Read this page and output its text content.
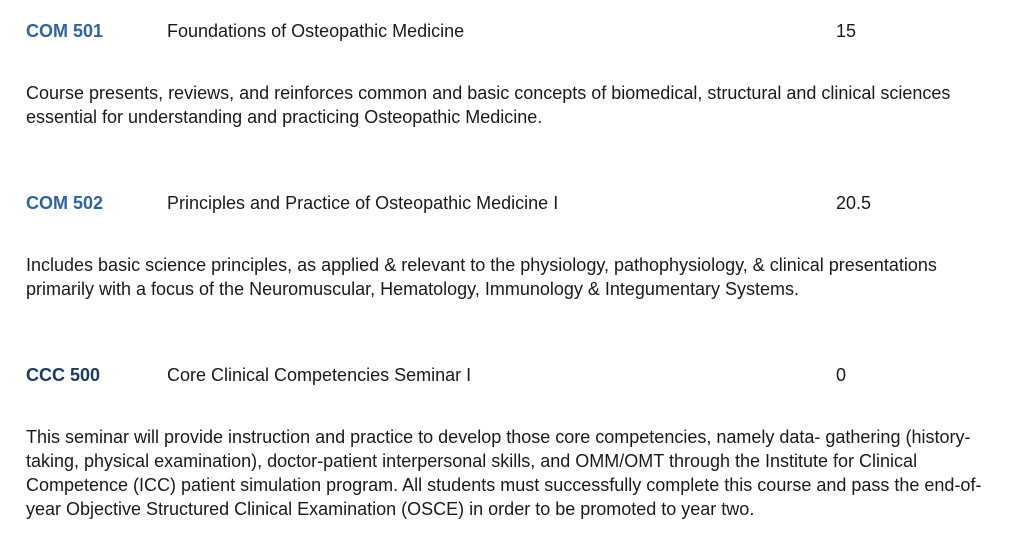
COM 501	Foundations of Osteopathic Medicine	15

Course presents, reviews, and reinforces common and basic concepts of biomedical, structural and clinical sciences essential for understanding and practicing Osteopathic Medicine.

COM 502	Principles and Practice of Osteopathic Medicine I	20.5

Includes basic science principles, as applied & relevant to the physiology, pathophysiology, & clinical presentations primarily with a focus of the Neuromuscular, Hematology, Immunology & Integumentary Systems.

CCC 500	Core Clinical Competencies Seminar I	0

This seminar will provide instruction and practice to develop those core competencies, namely data- gathering (history-taking, physical examination), doctor-patient interpersonal skills, and OMM/OMT through the Institute for Clinical Competence (ICC) patient simulation program. All students must successfully complete this course and pass the end-of-year Objective Structured Clinical Examination (OSCE) in order to be promoted to year two.
